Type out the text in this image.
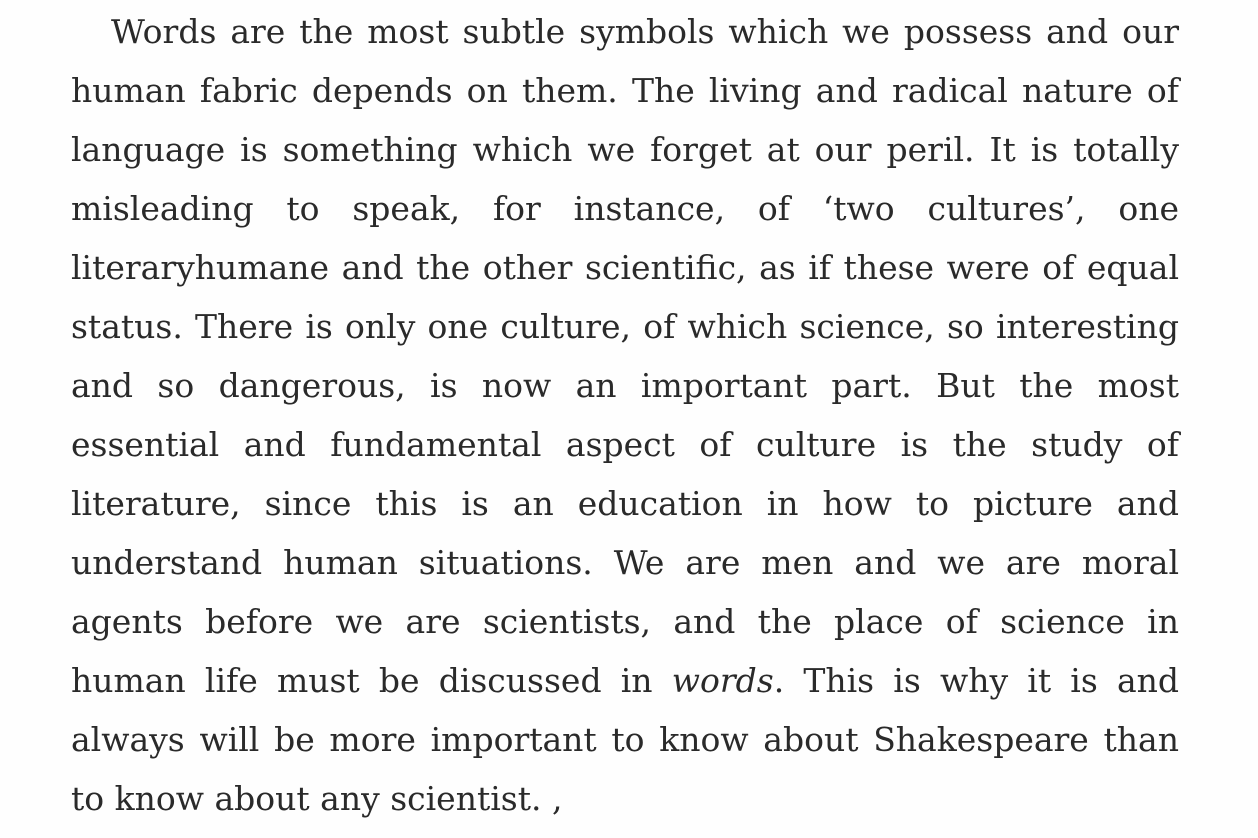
Words are the most subtle symbols which we possess and our
human fabric depends on them. The living and radical nature of
language is something which we forget at our peril. It is totally
misleading to speak, for instance, of ‘two cultures’, one
literaryhumane and the other scientific, as if these were of equal
status. There is only one culture, of which science, so interesting
and so dangerous, is now an important part. But the most
essential and fundamental aspect of culture is the study of
literature, since this is an education in how to picture and
understand human situations. We are men and we are moral
agents before we are scientists, and the place of science in
human life must be discussed in words. This is why it is and
always will be more important to know about Shakespeare than
to know about any scientist. ,
